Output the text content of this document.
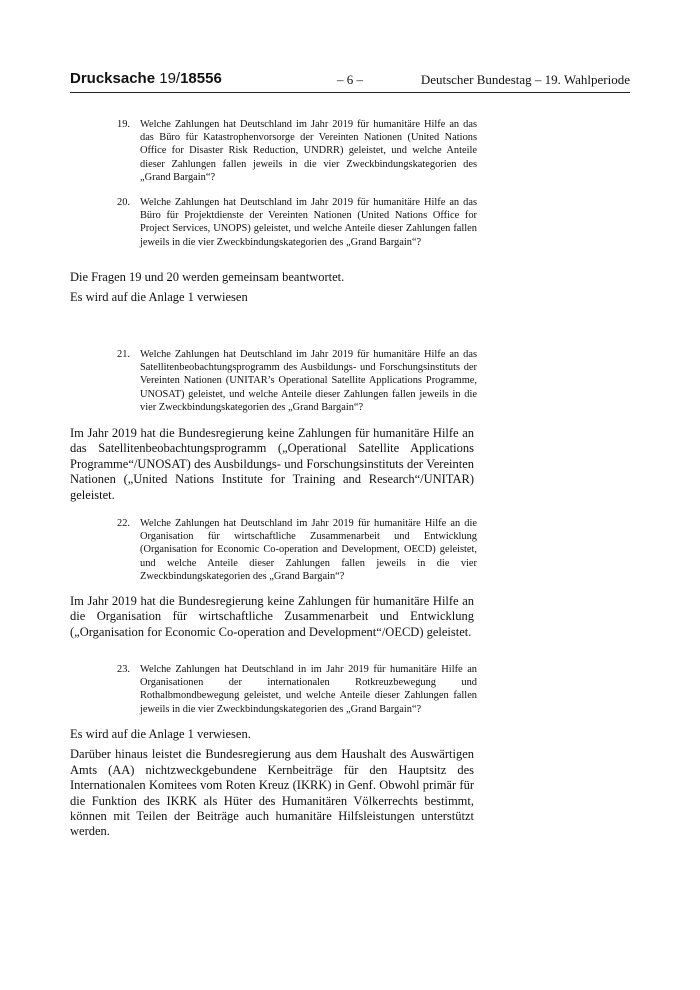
Drucksache 19/18556	– 6 –	Deutscher Bundestag – 19. Wahlperiode
19. Welche Zahlungen hat Deutschland im Jahr 2019 für humanitäre Hilfe an das das Büro für Katastrophenvorsorge der Vereinten Nationen (United Nations Office for Disaster Risk Reduction, UNDRR) geleistet, und welche Anteile dieser Zahlungen fallen jeweils in die vier Zweckbindungskategorien des „Grand Bargain“?
20. Welche Zahlungen hat Deutschland im Jahr 2019 für humanitäre Hilfe an das Büro für Projektdienste der Vereinten Nationen (United Nations Office for Project Services, UNOPS) geleistet, und welche Anteile dieser Zahlungen fallen jeweils in die vier Zweckbindungskategorien des „Grand Bargain“?

Die Fragen 19 und 20 werden gemeinsam beantwortet.

Es wird auf die Anlage 1 verwiesen

21. Welche Zahlungen hat Deutschland im Jahr 2019 für humanitäre Hilfe an das Satellitenbeobachtungsprogramm des Ausbildungs- und Forschungsinstituts der Vereinten Nationen (UNITAR’s Operational Satellite Applications Programme, UNOSAT) geleistet, und welche Anteile dieser Zahlungen fallen jeweils in die vier Zweckbindungskategorien des „Grand Bargain“?

Im Jahr 2019 hat die Bundesregierung keine Zahlungen für humanitäre Hilfe an das Satellitenbeobachtungsprogramm („Operational Satellite Applications Programme“/UNOSAT) des Ausbildungs- und Forschungsinstituts der Vereinten Nationen („United Nations Institute for Training and Research“/UNITAR) geleistet.

22. Welche Zahlungen hat Deutschland im Jahr 2019 für humanitäre Hilfe an die Organisation für wirtschaftliche Zusammenarbeit und Entwicklung (Organisation for Economic Co-operation and Development, OECD) geleistet, und welche Anteile dieser Zahlungen fallen jeweils in die vier Zweckbindungskategorien des „Grand Bargain“?

Im Jahr 2019 hat die Bundesregierung keine Zahlungen für humanitäre Hilfe an die Organisation für wirtschaftliche Zusammenarbeit und Entwicklung („Organisation for Economic Co-operation and Development“/OECD) geleistet.

23. Welche Zahlungen hat Deutschland in im Jahr 2019 für humanitäre Hilfe an Organisationen der internationalen Rotkreuzbewegung und Rothalbmondbewegung geleistet, und welche Anteile dieser Zahlungen fallen jeweils in die vier Zweckbindungskategorien des „Grand Bargain“?

Es wird auf die Anlage 1 verwiesen.

Darüber hinaus leistet die Bundesregierung aus dem Haushalt des Auswärtigen Amts (AA) nichtzweckgebundene Kernbeiträge für den Hauptsitz des Internationalen Komitees vom Roten Kreuz (IKRK) in Genf. Obwohl primär für die Funktion des IKRK als Hüter des Humanitären Völkerrechts bestimmt, können mit Teilen der Beiträge auch humanitäre Hilfsleistungen unterstützt werden.
